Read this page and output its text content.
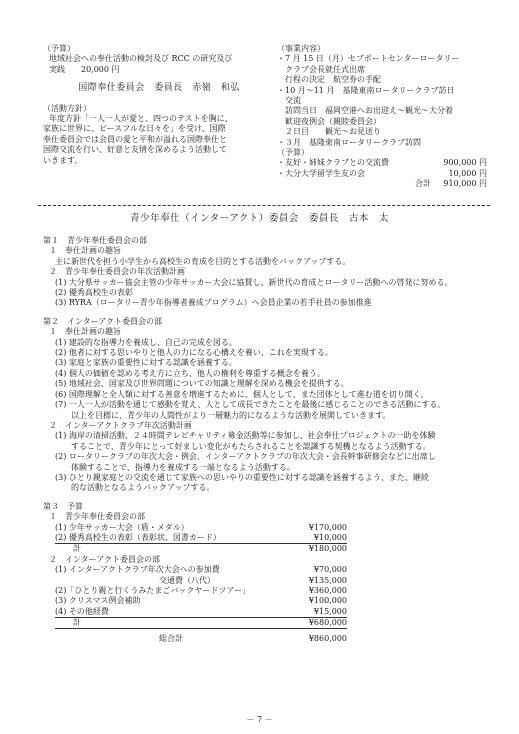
（予算）
地域社会への奉仕活動の検討及び RCC の研究及び
実践　　20,000 円
国際奉仕委員会　委員長　赤嶺　和弘
（活動方針）
年度方針「一人一人が愛と、四つのテストを胸に、
家族に世界に、ピースフルな日々を」を受け、国際
奉仕委員会では会員の愛と平和が溢れる国際奉仕と
国際交流を行い、好意と友情を深めるよう活動して
いきます。
（事業内容）
・7 月 15 日（月）セブポートセンターロータリー
　クラブ会長就任式出席
　行程の決定　航空券の手配
・10 月～11 月　基隆東南ロータリークラブ訪日
　交流
　訪問当日　福岡空港へお出迎え～観光～大分着
　歓迎夜例会（親睦委員会）
　２日目　　観光～お見送り
・３月　基隆東南ロータリークラブ訪問
（予算）
・友好・姉妹クラブとの交流費	900,000 円
・大分大学留学生友の会	10,000 円
合計 910,000 円
青少年奉仕（インターアクト）委員会　委員長　古本　太
第１　青少年奉仕委員会の部
１　奉仕計画の趣旨
主に新世代を担う小学生から高校生の育成を目的とする活動をバックアップする。
２　青少年奉仕委員会の年次活動計画
(1) 大分県サッカー協会主管の少年サッカー大会に協賛し、新世代の育成とロータリー活動への啓発に努める。
(2) 優秀高校生の表彰
(3) RYRA（ロータリー青少年指導者養成プログラム）へ会員企業の若手社員の参加推進
第２　インターアクト委員会の部
１　奉仕計画の趣旨
(1) 建設的な指導力を養成し、自己の完成を図る。
(2) 他者に対する思いやりと他人の力になる心構えを養い、これを実現する。
(3) 家庭と家族の重要性に対する認識を涵養する。
(4) 個人の価値を認める考え方に立ち、他人の権利を尊重する概念を養う。
(5) 地域社会、国家及び世界問題についての知識と理解を深める機会を提供する。
(6) 国際理解と全人類に対する善意を増進するために、個人として、また団体として進む道を切り開く。
(7) 一人一人が活動を通じて感動を覚え、人として成長できたことを最後に感じることのできる活動にする。
　　以上を目標に、青少年の人間性がより一層魅力的になるような活動を展開していきます。
２　インターアクトクラブ年次活動計画
(1) 海岸の清掃活動、２４時間テレビチャリティ募金活動等に参加し、社会奉仕プロジェクトの一助を体験
　　することで、青少年にとって好ましい変化がもたらされることを認識する契機となるよう活動する。
(2) ロータリークラブの年次大会・例会、インターアクトクラブの年次大会・会長幹事研修会などに出席し
　　体験することで、指導力を養成する一端となるよう活動する。
(3) ひとり親家庭との交流を通じて家族への思いやりの重要性に対する認識を涵養するよう、また、継続
　　的な活動となるようバックアップする。
第３　予算
１　青少年奉仕委員会の部
(1) 少年サッカー大会（盾・メダル）	¥170,000
(2) 優秀高校生の表彰（表彰状、図書カード）	¥10,000
計	¥180,000
２　インターアクト委員会の部
(1) インターアクトクラブ年次大会への参加費	¥70,000
　　　　　　　　　　　　　交通費（八代）	¥135,000
(2)「ひとり親と行くうみたまごバックヤードツアー」	¥360,000
(3) クリスマス例会補助	¥100,000
(4) その他経費	¥15,000
計	¥680,000
総合計	¥860,000
－ 7 －
